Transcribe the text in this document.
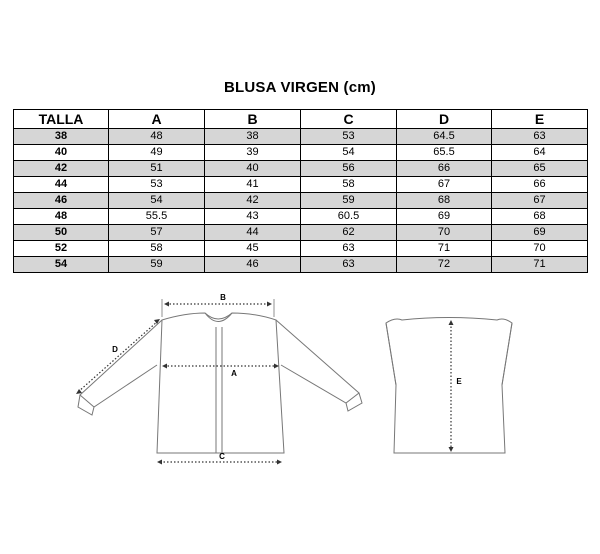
BLUSA VIRGEN (cm)
TALLA	A	B	C	D	E
38	48	38	53	64.5	63
40	49	39	54	65.5	64
42	51	40	56	66	65
44	53	41	58	67	66
46	54	42	59	68	67
48	55.5	43	60.5	69	68
50	57	44	62	70	69
52	58	45	63	71	70
54	59	46	63	72	71
B
A
C
D
E
